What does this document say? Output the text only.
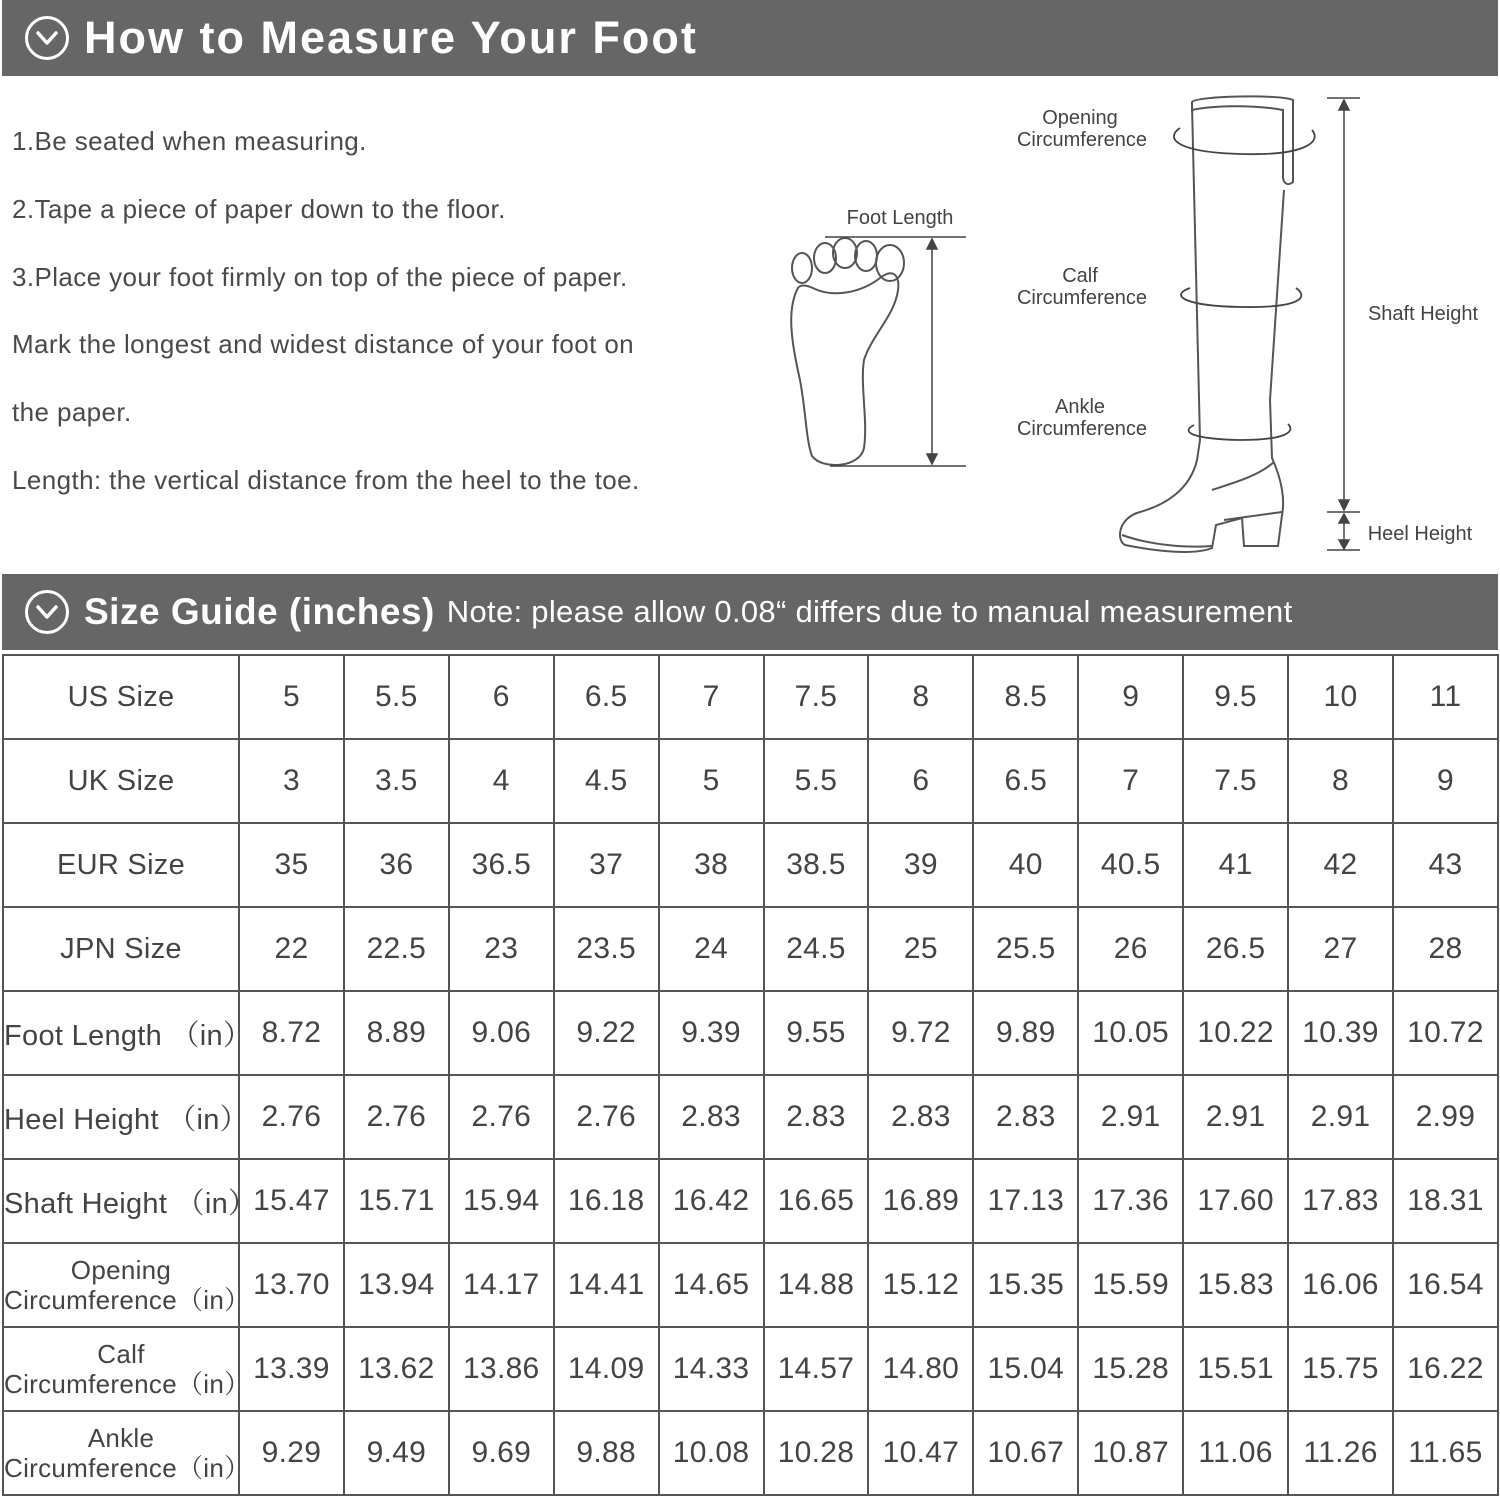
How to Measure Your Foot

1.Be seated when measuring.

2.Tape a piece of paper down to the floor.

3.Place your foot firmly on top of the piece of paper.

Mark the longest and widest distance of your foot on

the paper.

Length: the vertical distance from the heel to the toe.

Foot Length
Opening
Circumference
Calf
Circumference
Ankle
Circumference
Shaft Height
Heel Height
Size Guide (inches) Note: please allow 0.08“ differs due to manual measurement
US Size	5	5.5	6	6.5	7	7.5	8	8.5	9	9.5	10	11
UK Size	3	3.5	4	4.5	5	5.5	6	6.5	7	7.5	8	9
EUR Size	35	36	36.5	37	38	38.5	39	40	40.5	41	42	43
JPN Size	22	22.5	23	23.5	24	24.5	25	25.5	26	26.5	27	28
Foot Length （in）	8.72	8.89	9.06	9.22	9.39	9.55	9.72	9.89	10.05	10.22	10.39	10.72
Heel Height （in）	2.76	2.76	2.76	2.76	2.83	2.83	2.83	2.83	2.91	2.91	2.91	2.99
Shaft Height （in）	15.47	15.71	15.94	16.18	16.42	16.65	16.89	17.13	17.36	17.60	17.83	18.31

Opening
Circumference（in）	13.70	13.94	14.17	14.41	14.65	14.88	15.12	15.35	15.59	15.83	16.06	16.54

Calf
Circumference（in）	13.39	13.62	13.86	14.09	14.33	14.57	14.80	15.04	15.28	15.51	15.75	16.22

Ankle
Circumference（in）	9.29	9.49	9.69	9.88	10.08	10.28	10.47	10.67	10.87	11.06	11.26	11.65
